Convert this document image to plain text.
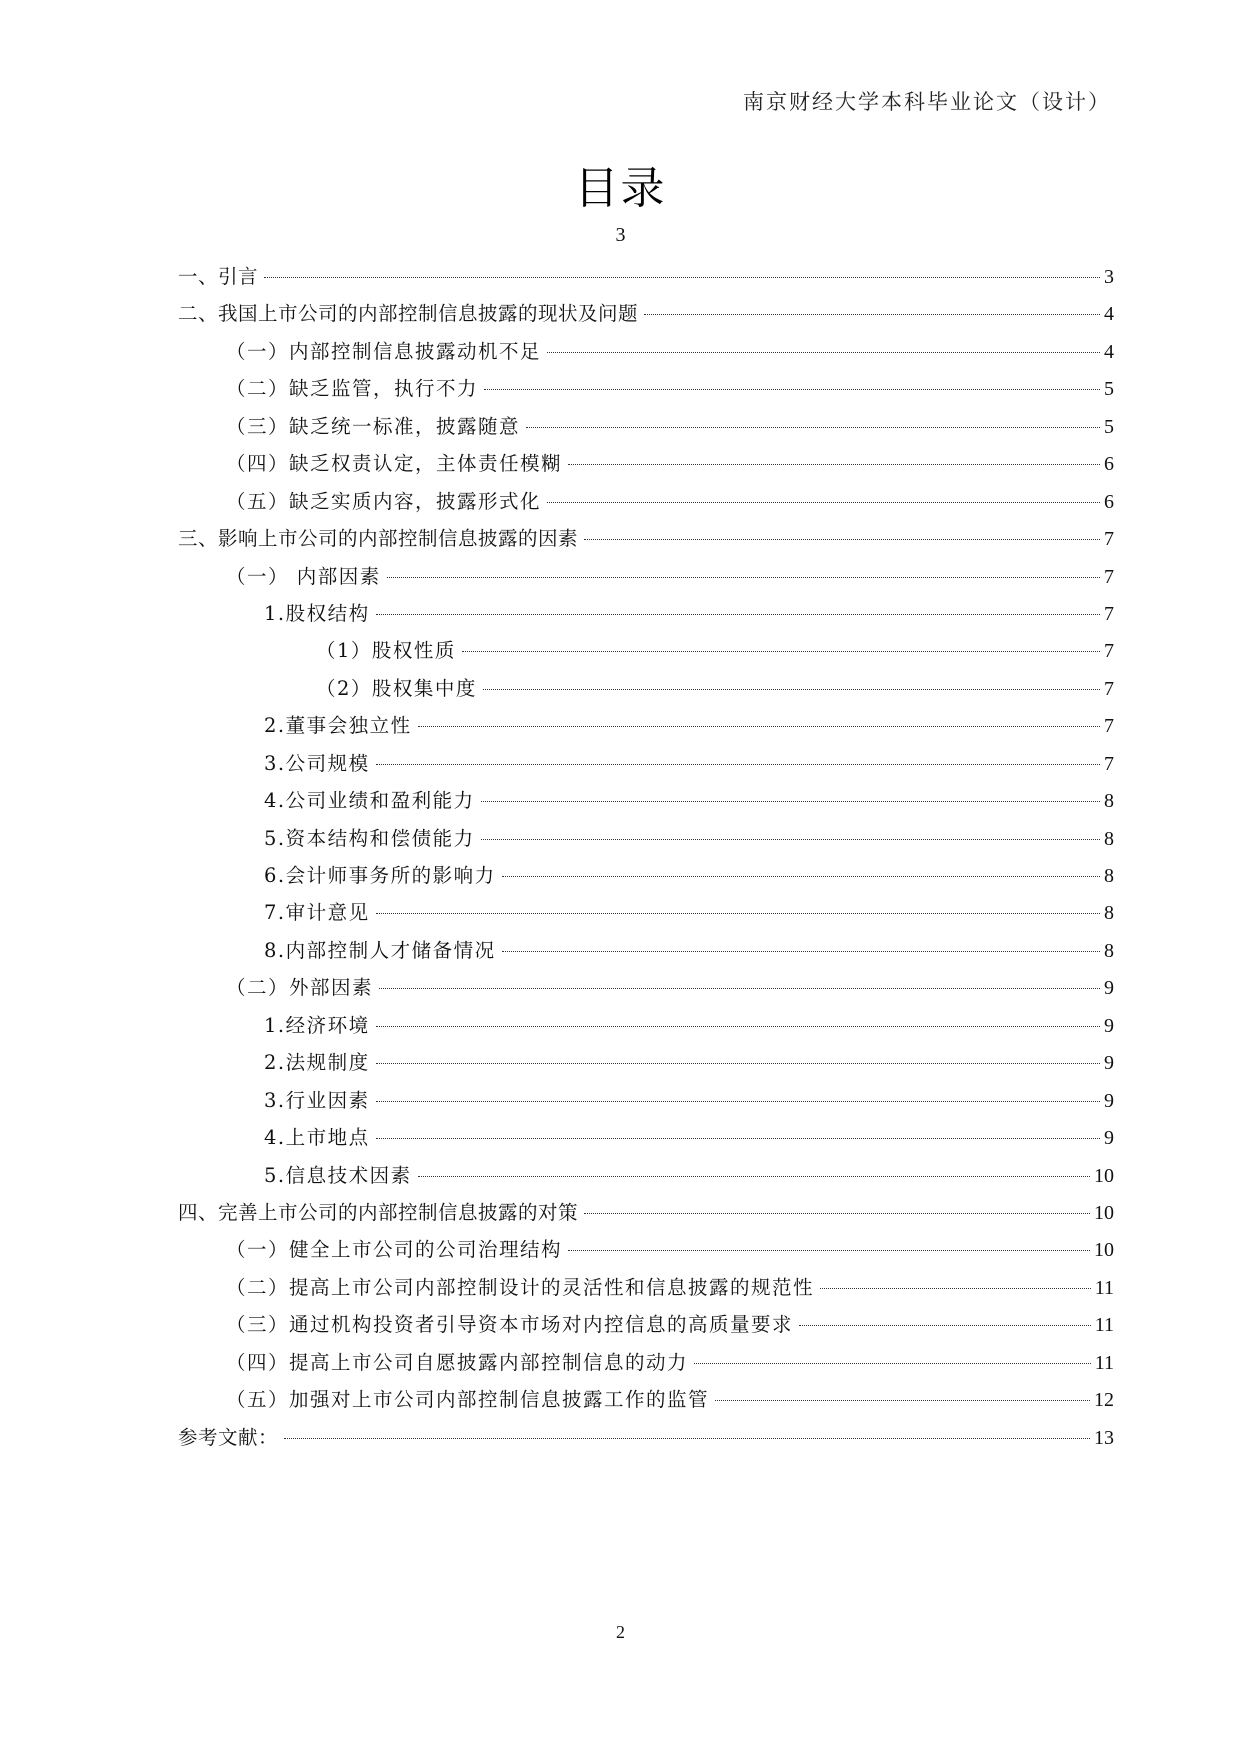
南京财经大学本科毕业论文（设计）
目录
3
一、引言	3
二、我国上市公司的内部控制信息披露的现状及问题	4
（一）内部控制信息披露动机不足	4
（二）缺乏监管，执行不力	5
（三）缺乏统一标准，披露随意	5
（四）缺乏权责认定，主体责任模糊	6
（五）缺乏实质内容，披露形式化	6
三、影响上市公司的内部控制信息披露的因素	7
（一） 内部因素	7
1.股权结构	7
（1）股权性质	7
（2）股权集中度	7
2.董事会独立性	7
3.公司规模	7
4.公司业绩和盈利能力	8
5.资本结构和偿债能力	8
6.会计师事务所的影响力	8
7.审计意见	8
8.内部控制人才储备情况	8
（二）外部因素	9
1.经济环境	9
2.法规制度	9
3.行业因素	9
4.上市地点	9
5.信息技术因素	10
四、完善上市公司的内部控制信息披露的对策	10
（一）健全上市公司的公司治理结构	10
（二）提高上市公司内部控制设计的灵活性和信息披露的规范性	11
（三）通过机构投资者引导资本市场对内控信息的高质量要求	11
（四）提高上市公司自愿披露内部控制信息的动力	11
（五）加强对上市公司内部控制信息披露工作的监管	12
参考文献：	13
2
